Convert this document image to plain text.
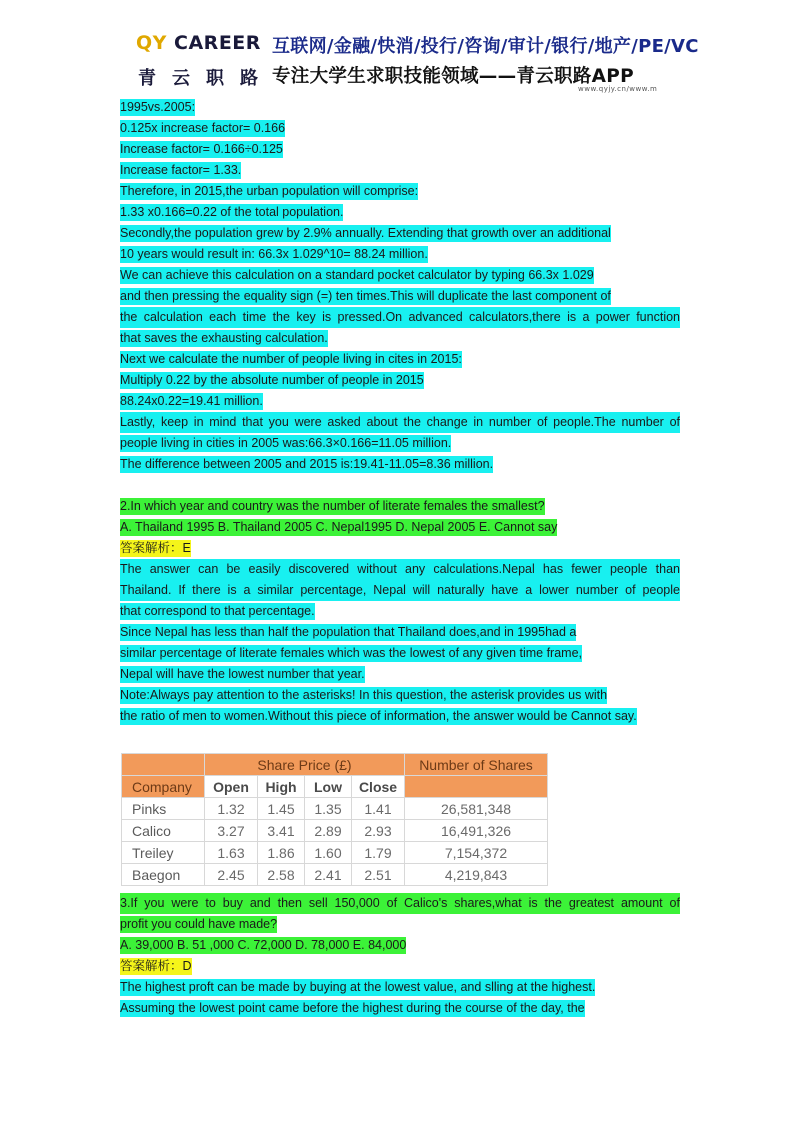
QY CAREER
青云职路
互联网/金融/快消/投行/咨询/审计/银行/地产/PE/VC
专注大学生求职技能领域——青云职路APP
www.qyjy.cn/www.m
1995vs.2005:
0.125x increase factor= 0.166
Increase factor= 0.166÷0.125
Increase factor= 1.33.
Therefore, in 2015,the urban population will comprise:
1.33 x0.166=0.22 of the total population.
Secondly,the population grew by 2.9% annually. Extending that growth over an additional
10 years would result in: 66.3x 1.029^10= 88.24 million.
We can achieve this calculation on a standard pocket calculator by typing 66.3x 1.029
and then pressing the equality sign (=) ten times.This will duplicate the last component of
the calculation each time the key is pressed.On advanced calculators,there is a power function
that saves the exhausting calculation.
Next we calculate the number of people living in cites in 2015:
Multiply 0.22 by the absolute number of people in 2015
88.24x0.22=19.41 million.
Lastly, keep in mind that you were asked about the change in number of people.The number of
people living in cities in 2005 was:66.3×0.166=11.05 million.
The difference between 2005 and 2015 is:19.41-11.05=8.36 million.
2.In which year and country was the number of literate females the smallest?
A. Thailand 1995 B. Thailand 2005 C. Nepal1995 D. Nepal 2005 E. Cannot say
答案解析：E
The answer can be easily discovered without any calculations.Nepal has fewer people than
Thailand. If there is a similar percentage, Nepal will naturally have a lower number of people
that correspond to that percentage.
Since Nepal has less than half the population that Thailand does,and in 1995had a
similar percentage of literate females which was the lowest of any given time frame,
Nepal will have the lowest number that year.
Note:Always pay attention to the asterisks! In this question, the asterisk provides us with
the ratio of men to women.Without this piece of information, the answer would be Cannot say.
	Share Price (£)				Number of Shares
Company	Open	High	Low	Close	
Pinks	1.32	1.45	1.35	1.41	26,581,348
Calico	3.27	3.41	2.89	2.93	16,491,326
Treiley	1.63	1.86	1.60	1.79	7,154,372
Baegon	2.45	2.58	2.41	2.51	4,219,843
3.If you were to buy and then sell 150,000 of Calico's shares,what is the greatest amount of
profit you could have made?
A. 39,000 B. 51 ,000 C. 72,000 D. 78,000 E. 84,000
答案解析：D
The highest proft can be made by buying at the lowest value, and slling at the highest.
Assuming the lowest point came before the highest during the course of the day, the
